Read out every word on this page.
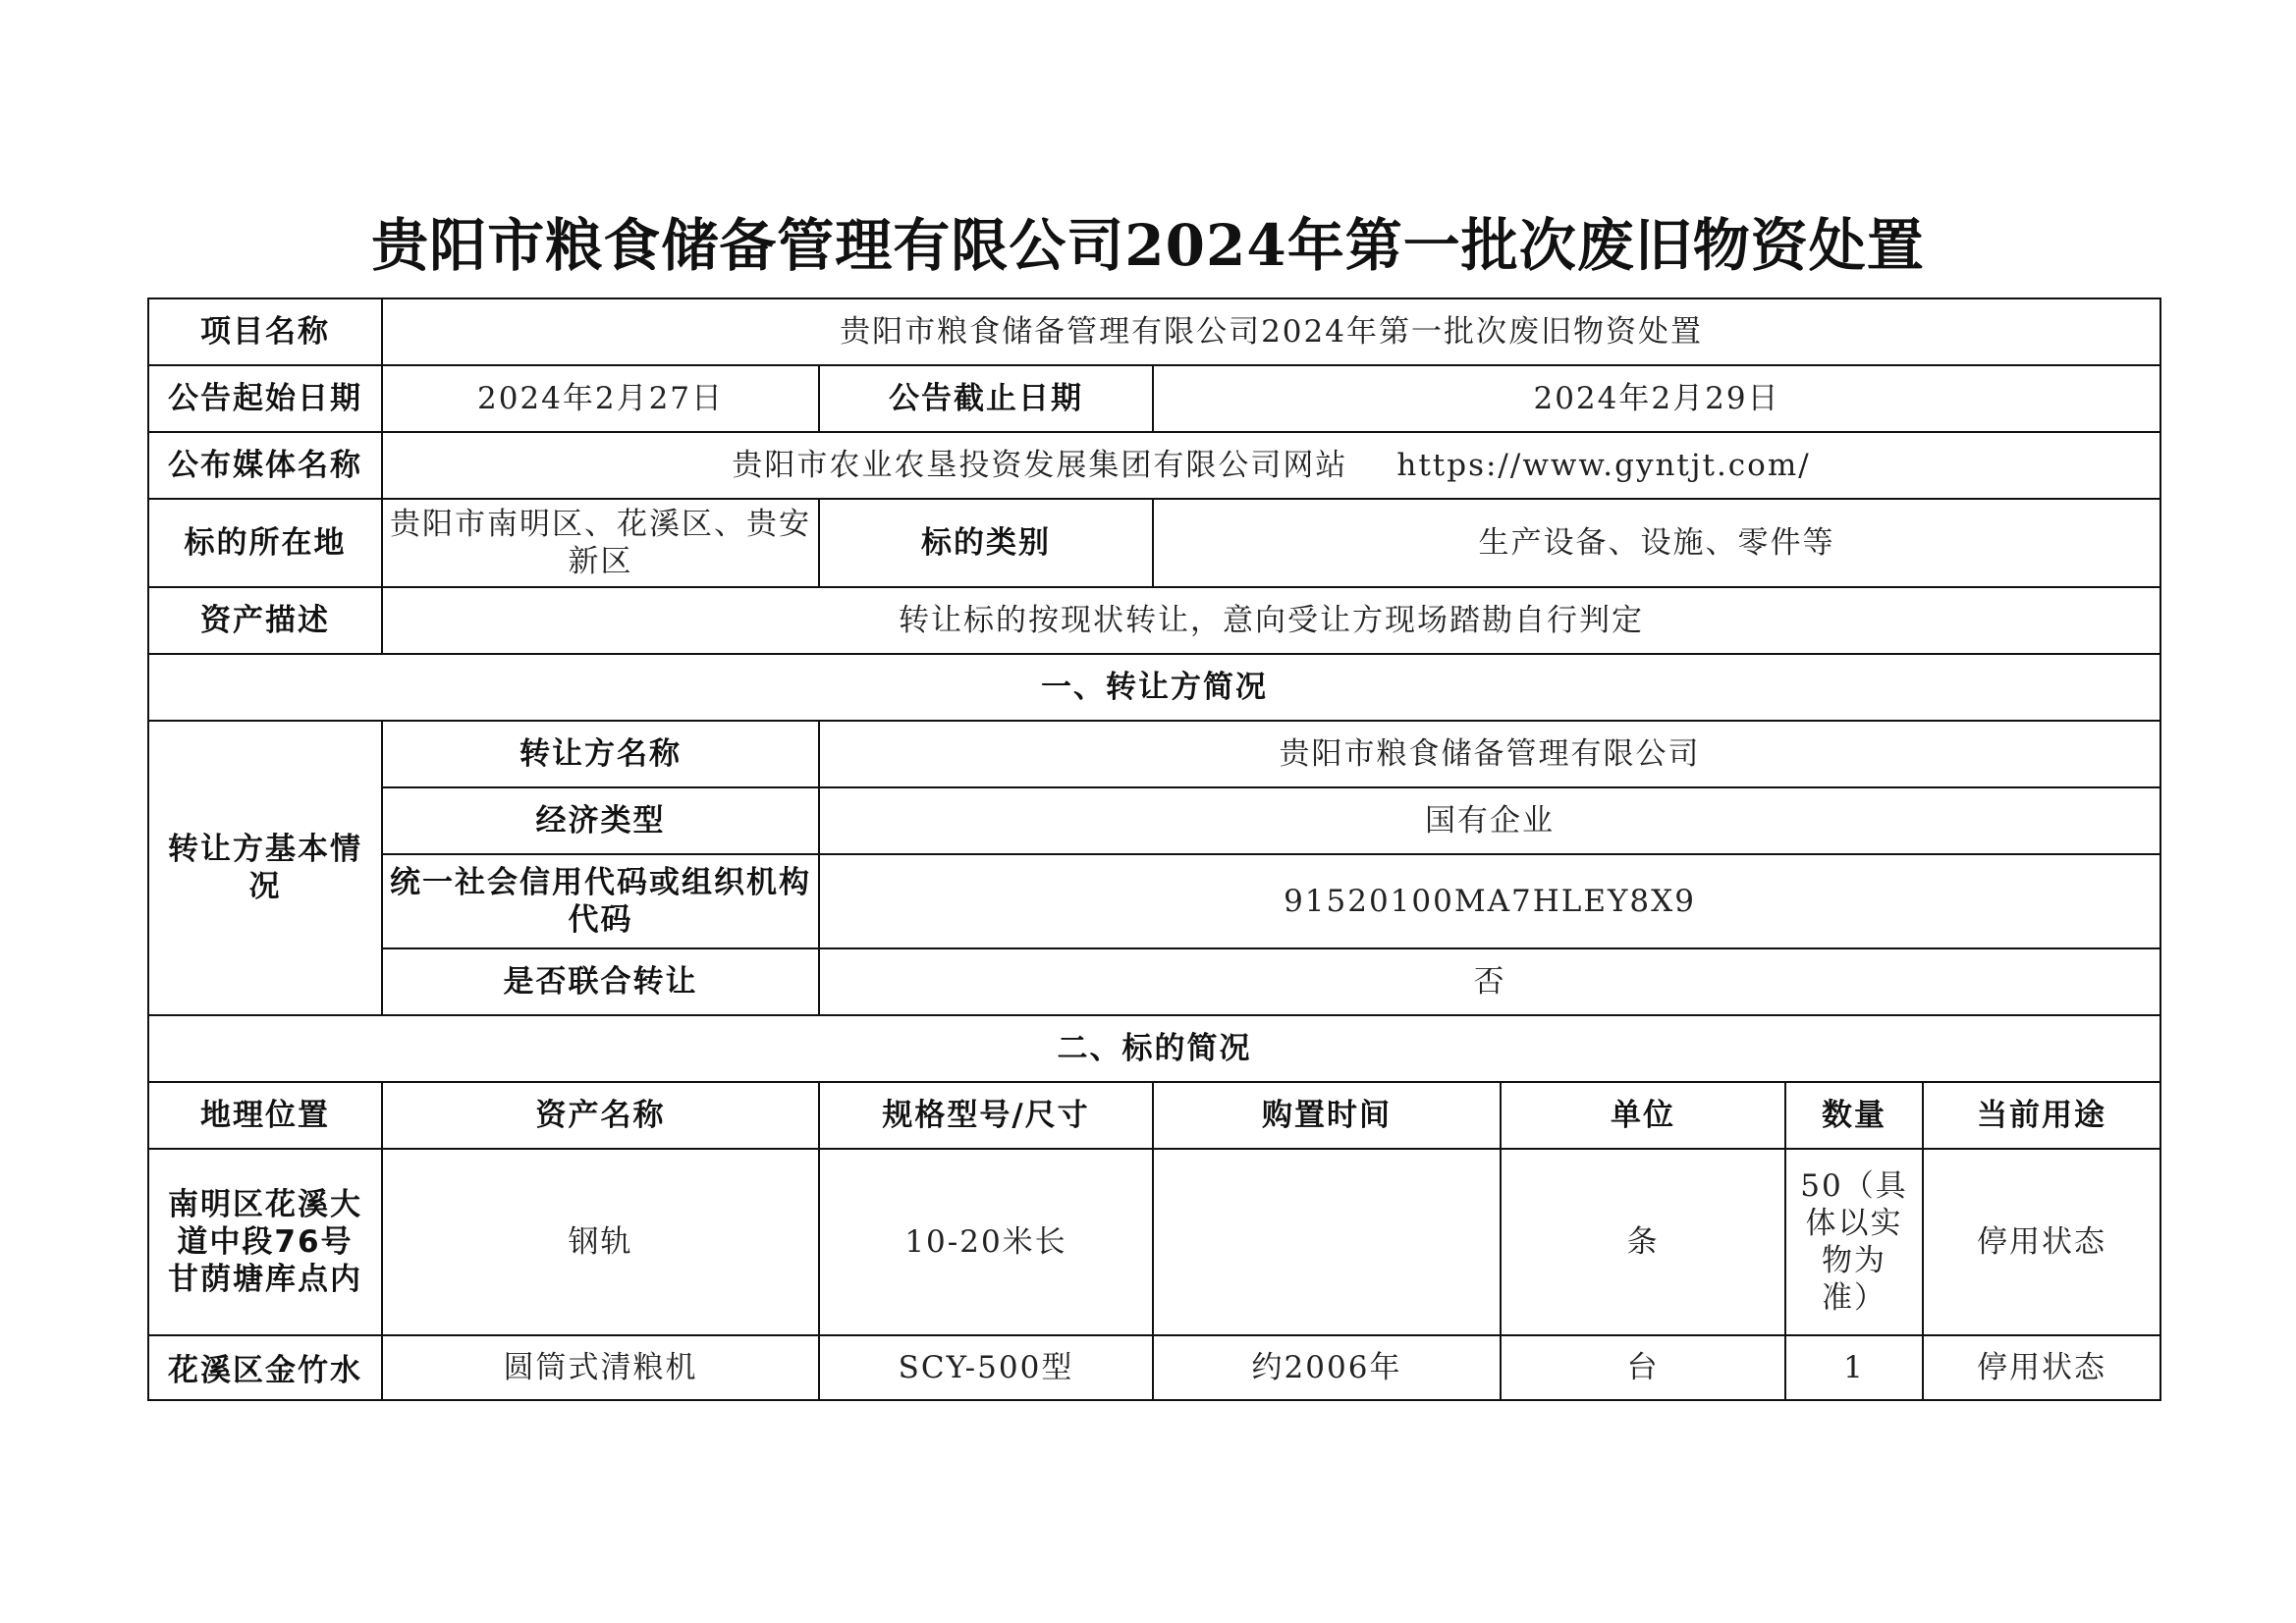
贵阳市粮食储备管理有限公司2024年第一批次废旧物资处置
项目名称	贵阳市粮食储备管理有限公司2024年第一批次废旧物资处置					
公告起始日期	2024年2月27日	公告截止日期	2024年2月29日			
公布媒体名称	贵阳市农业农垦投资发展集团有限公司网站 https://www.gyntjt.com/					
标的所在地	贵阳市南明区、花溪区、贵安新区	标的类别	生产设备、设施、零件等			
资产描述	转让标的按现状转让，意向受让方现场踏勘自行判定					
一、转让方简况						
转让方基本情况	转让方名称	贵阳市粮食储备管理有限公司				
	经济类型	国有企业				
	统一社会信用代码或组织机构代码	91520100MA7HLEY8X9				
	是否联合转让	否				
二、标的简况						
地理位置	资产名称	规格型号/尺寸	购置时间	单位	数量	当前用途
南明区花溪大道中段76号甘荫塘库点内	钢轨	10-20米长		条	50（具体以实物为准）	停用状态

花溪区金竹水	圆筒式清粮机	SCY-500型	约2006年	台	1	停用状态
